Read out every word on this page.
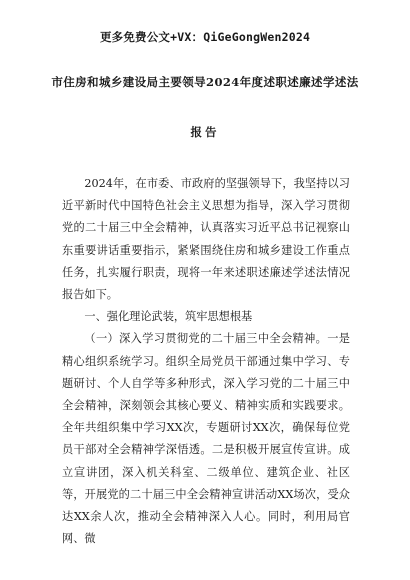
更多免费公文+VX：QiGeGongWen2024
市住房和城乡建设局主要领导2024年度述职述廉述学述法
报告

2024年，在市委、市政府的坚强领导下，我坚持以习近平新时代中国特色社会主义思想为指导，深入学习贯彻党的二十届三中全会精神，认真落实习近平总书记视察山东重要讲话重要指示，紧紧围绕住房和城乡建设工作重点任务，扎实履行职责，现将一年来述职述廉述学述法情况报告如下。

一、强化理论武装，筑牢思想根基

（一）深入学习贯彻党的二十届三中全会精神。一是精心组织系统学习。组织全局党员干部通过集中学习、专题研讨、个人自学等多种形式，深入学习党的二十届三中全会精神，深刻领会其核心要义、精神实质和实践要求。全年共组织集中学习XX次，专题研讨XX次，确保每位党员干部对全会精神学深悟透。二是积极开展宣传宣讲。成立宣讲团，深入机关科室、二级单位、建筑企业、社区等，开展党的二十届三中全会精神宣讲活动XX场次，受众达XX余人次，推动全会精神深入人心。同时，利用局官网、微
